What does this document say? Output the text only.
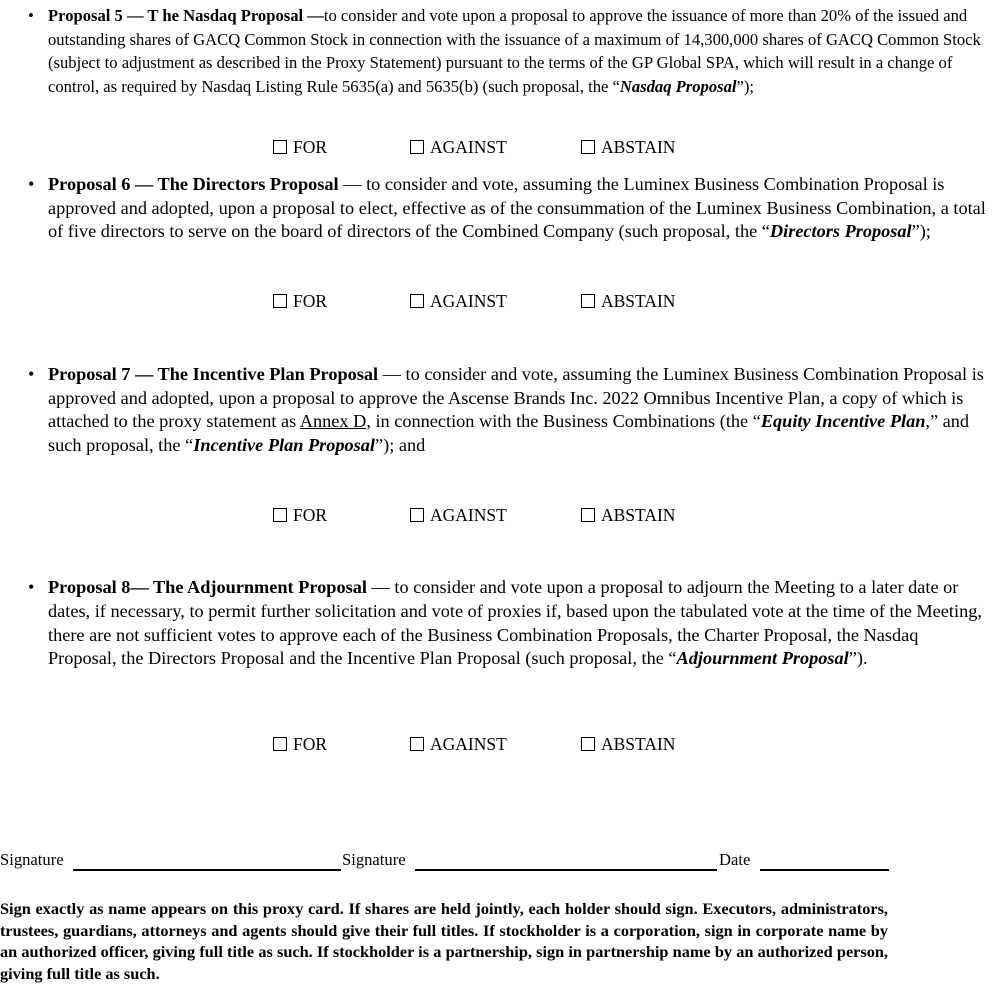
• Proposal 5 — T he Nasdaq Proposal —to consider and vote upon a proposal to approve the issuance of more than 20% of the issued and outstanding shares of GACQ Common Stock in connection with the issuance of a maximum of 14,300,000 shares of GACQ Common Stock (subject to adjustment as described in the Proxy Statement) pursuant to the terms of the GP Global SPA, which will result in a change of control, as required by Nasdaq Listing Rule 5635(a) and 5635(b) (such proposal, the “Nasdaq Proposal”);
FOR	AGAINST	ABSTAIN
• Proposal 6 — The Directors Proposal — to consider and vote, assuming the Luminex Business Combination Proposal is approved and adopted, upon a proposal to elect, effective as of the consummation of the Luminex Business Combination, a total of five directors to serve on the board of directors of the Combined Company (such proposal, the “Directors Proposal”);
FOR	AGAINST	ABSTAIN
• Proposal 7 — The Incentive Plan Proposal — to consider and vote, assuming the Luminex Business Combination Proposal is approved and adopted, upon a proposal to approve the Ascense Brands Inc. 2022 Omnibus Incentive Plan, a copy of which is attached to the proxy statement as Annex D, in connection with the Business Combinations (the “Equity Incentive Plan,” and such proposal, the “Incentive Plan Proposal”); and
FOR	AGAINST	ABSTAIN
• Proposal 8— The Adjournment Proposal — to consider and vote upon a proposal to adjourn the Meeting to a later date or dates, if necessary, to permit further solicitation and vote of proxies if, based upon the tabulated vote at the time of the Meeting, there are not sufficient votes to approve each of the Business Combination Proposals, the Charter Proposal, the Nasdaq Proposal, the Directors Proposal and the Incentive Plan Proposal (such proposal, the “Adjournment Proposal”).
FOR	AGAINST	ABSTAIN
Signature	Signature	Date
Sign exactly as name appears on this proxy card. If shares are held jointly, each holder should sign. Executors, administrators, trustees, guardians, attorneys and agents should give their full titles. If stockholder is a corporation, sign in corporate name by an authorized officer, giving full title as such. If stockholder is a partnership, sign in partnership name by an authorized person, giving full title as such.
